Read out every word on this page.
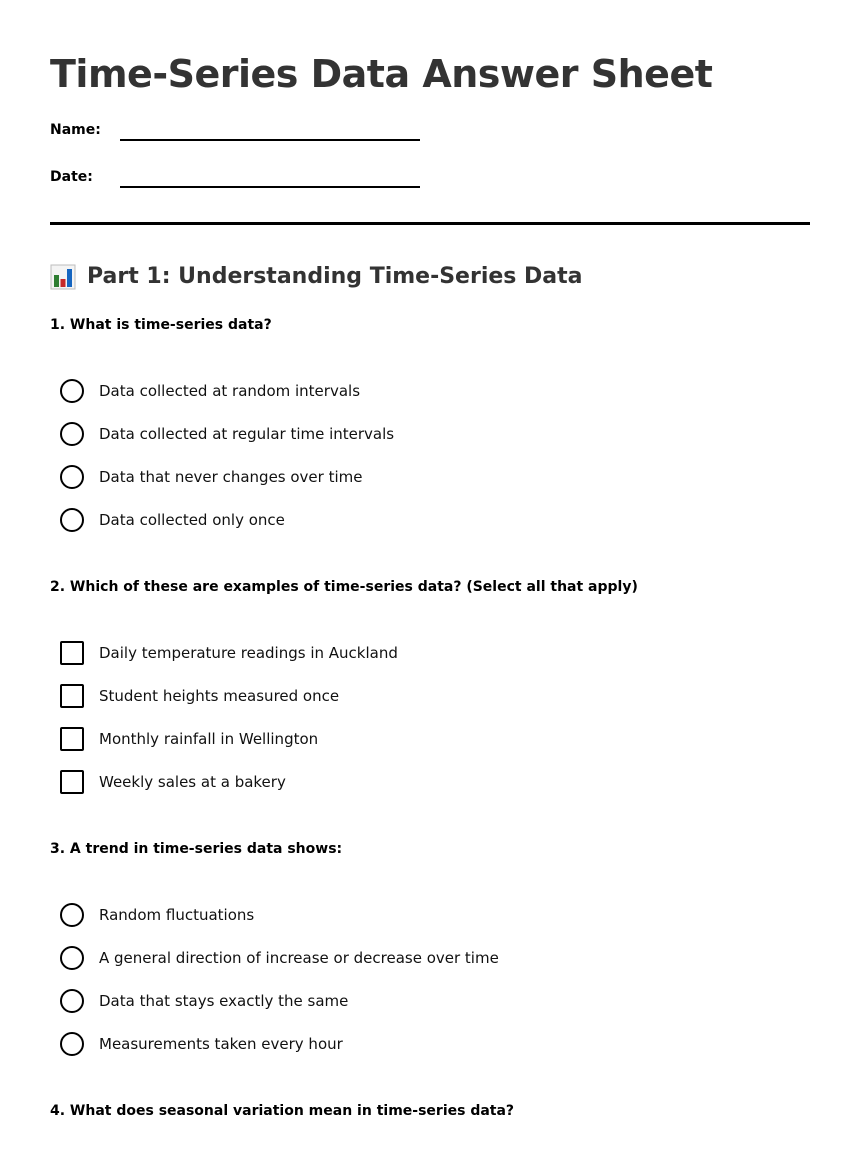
Time-Series Data Answer Sheet
Name:
Date:
Part 1: Understanding Time-Series Data

1. What is time-series data?

Data collected at random intervals
Data collected at regular time intervals
Data that never changes over time
Data collected only once

2. Which of these are examples of time-series data? (Select all that apply)

Daily temperature readings in Auckland
Student heights measured once
Monthly rainfall in Wellington
Weekly sales at a bakery

3. A trend in time-series data shows:

Random fluctuations
A general direction of increase or decrease over time
Data that stays exactly the same
Measurements taken every hour

4. What does seasonal variation mean in time-series data?
